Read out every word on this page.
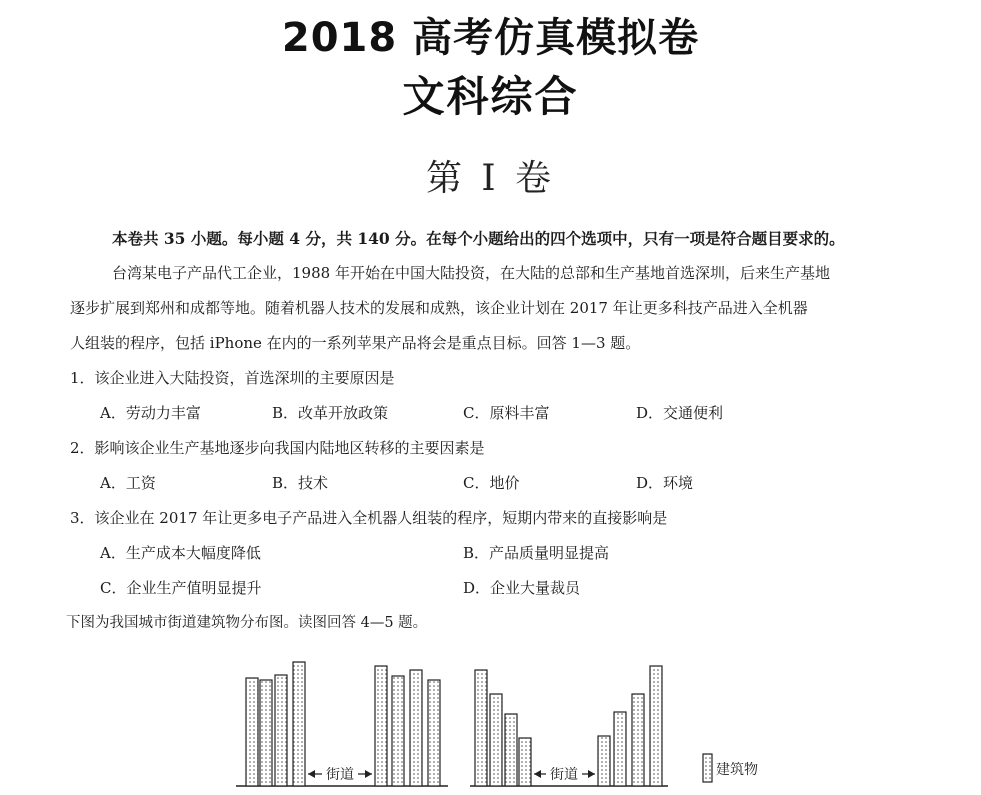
2018 高考仿真模拟卷
文科综合
第 I 卷
本卷共 35 小题。每小题 4 分，共 140 分。在每个小题给出的四个选项中，只有一项是符合题目要求的。
台湾某电子产品代工企业，1988 年开始在中国大陆投资，在大陆的总部和生产基地首选深圳，后来生产基地
逐步扩展到郑州和成都等地。随着机器人技术的发展和成熟，该企业计划在 2017 年让更多科技产品进入全机器
人组装的程序，包括 iPhone 在内的一系列苹果产品将会是重点目标。回答 1—3 题。
1．该企业进入大陆投资，首选深圳的主要原因是
A．劳动力丰富	B．改革开放政策	C．原料丰富	D．交通便利
2．影响该企业生产基地逐步向我国内陆地区转移的主要因素是
A．工资	B．技术	C．地价	D．环境
3．该企业在 2017 年让更多电子产品进入全机器人组装的程序，短期内带来的直接影响是
A．生产成本大幅度降低	B．产品质量明显提高
C．企业生产值明显提升	D．企业大量裁员
下图为我国城市街道建筑物分布图。读图回答 4—5 题。
街道	街道	建筑物
